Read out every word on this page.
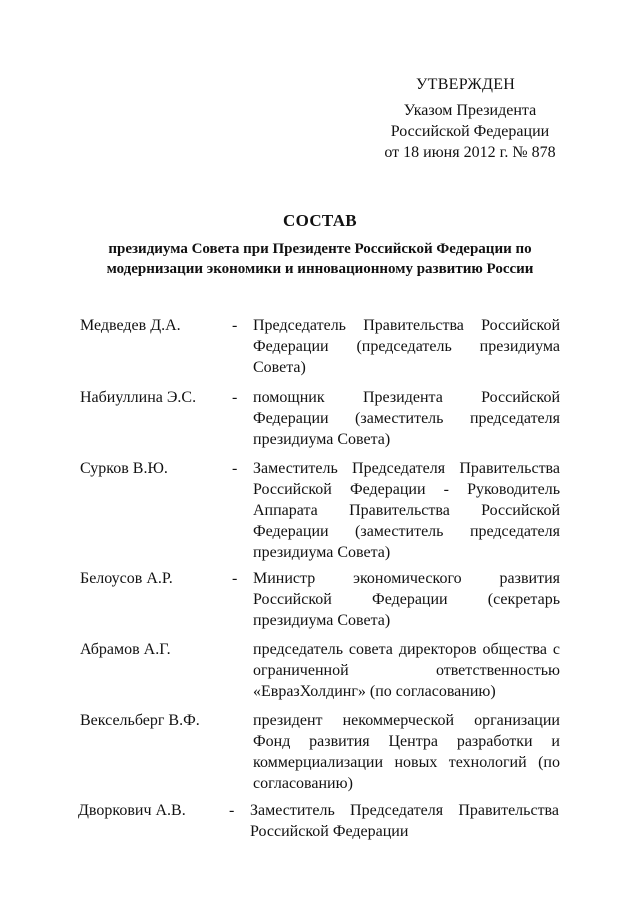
УТВЕРЖДЕН
Указом Президента
Российской Федерации
от 18 июня 2012 г. № 878
СОСТАВ
президиума Совета при Президенте Российской Федерации по модернизации экономики и инновационному развитию России
Медведев Д.А.	- Председатель Правительства Российской Федерации (председатель президиума Совета)
Набиуллина Э.С. - помощник Президента Российской Федерации (заместитель председателя президиума Совета)
Сурков В.Ю.	- Заместитель Председателя Правительства Российской Федерации - Руководитель Аппарата Правительства Российской Федерации (заместитель председателя президиума Совета)
Белоусов А.Р.	- Министр экономического развития Российской Федерации (секретарь президиума Совета)
Абрамов А.Г.	председатель совета директоров общества с ограниченной ответственностью «ЕвразХолдинг» (по согласованию)
Вексельберг В.Ф.	президент некоммерческой организации Фонд развития Центра разработки и коммерциализации новых технологий (по согласованию)
Дворкович А.В.	- Заместитель Председателя Правительства Российской Федерации
